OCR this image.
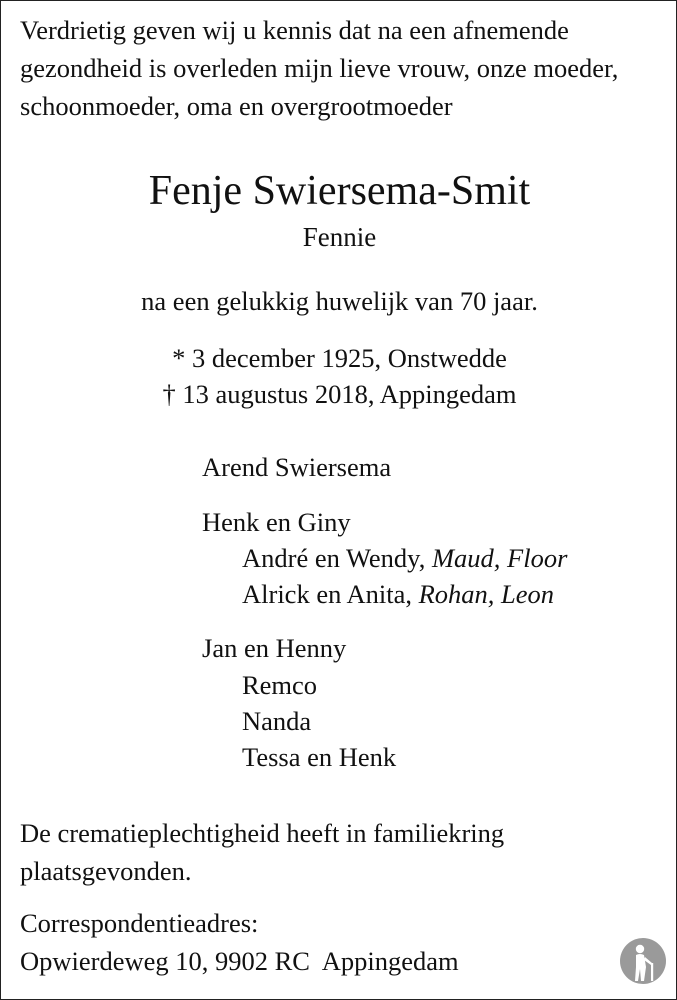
Verdrietig geven wij u kennis dat na een afnemende gezondheid is overleden mijn lieve vrouw, onze moeder, schoonmoeder, oma en overgrootmoeder
Fenje Swiersema-Smit
Fennie
na een gelukkig huwelijk van 70 jaar.
* 3 december 1925, Onstwedde
† 13 augustus 2018, Appingedam
Arend Swiersema
Henk en Giny
André en Wendy, Maud, Floor
Alrick en Anita, Rohan, Leon
Jan en Henny
Remco
Nanda
Tessa en Henk
De crematieplechtigheid heeft in familiekring plaatsgevonden.
Correspondentieadres:
Opwierdeweg 10, 9902 RC  Appingedam
